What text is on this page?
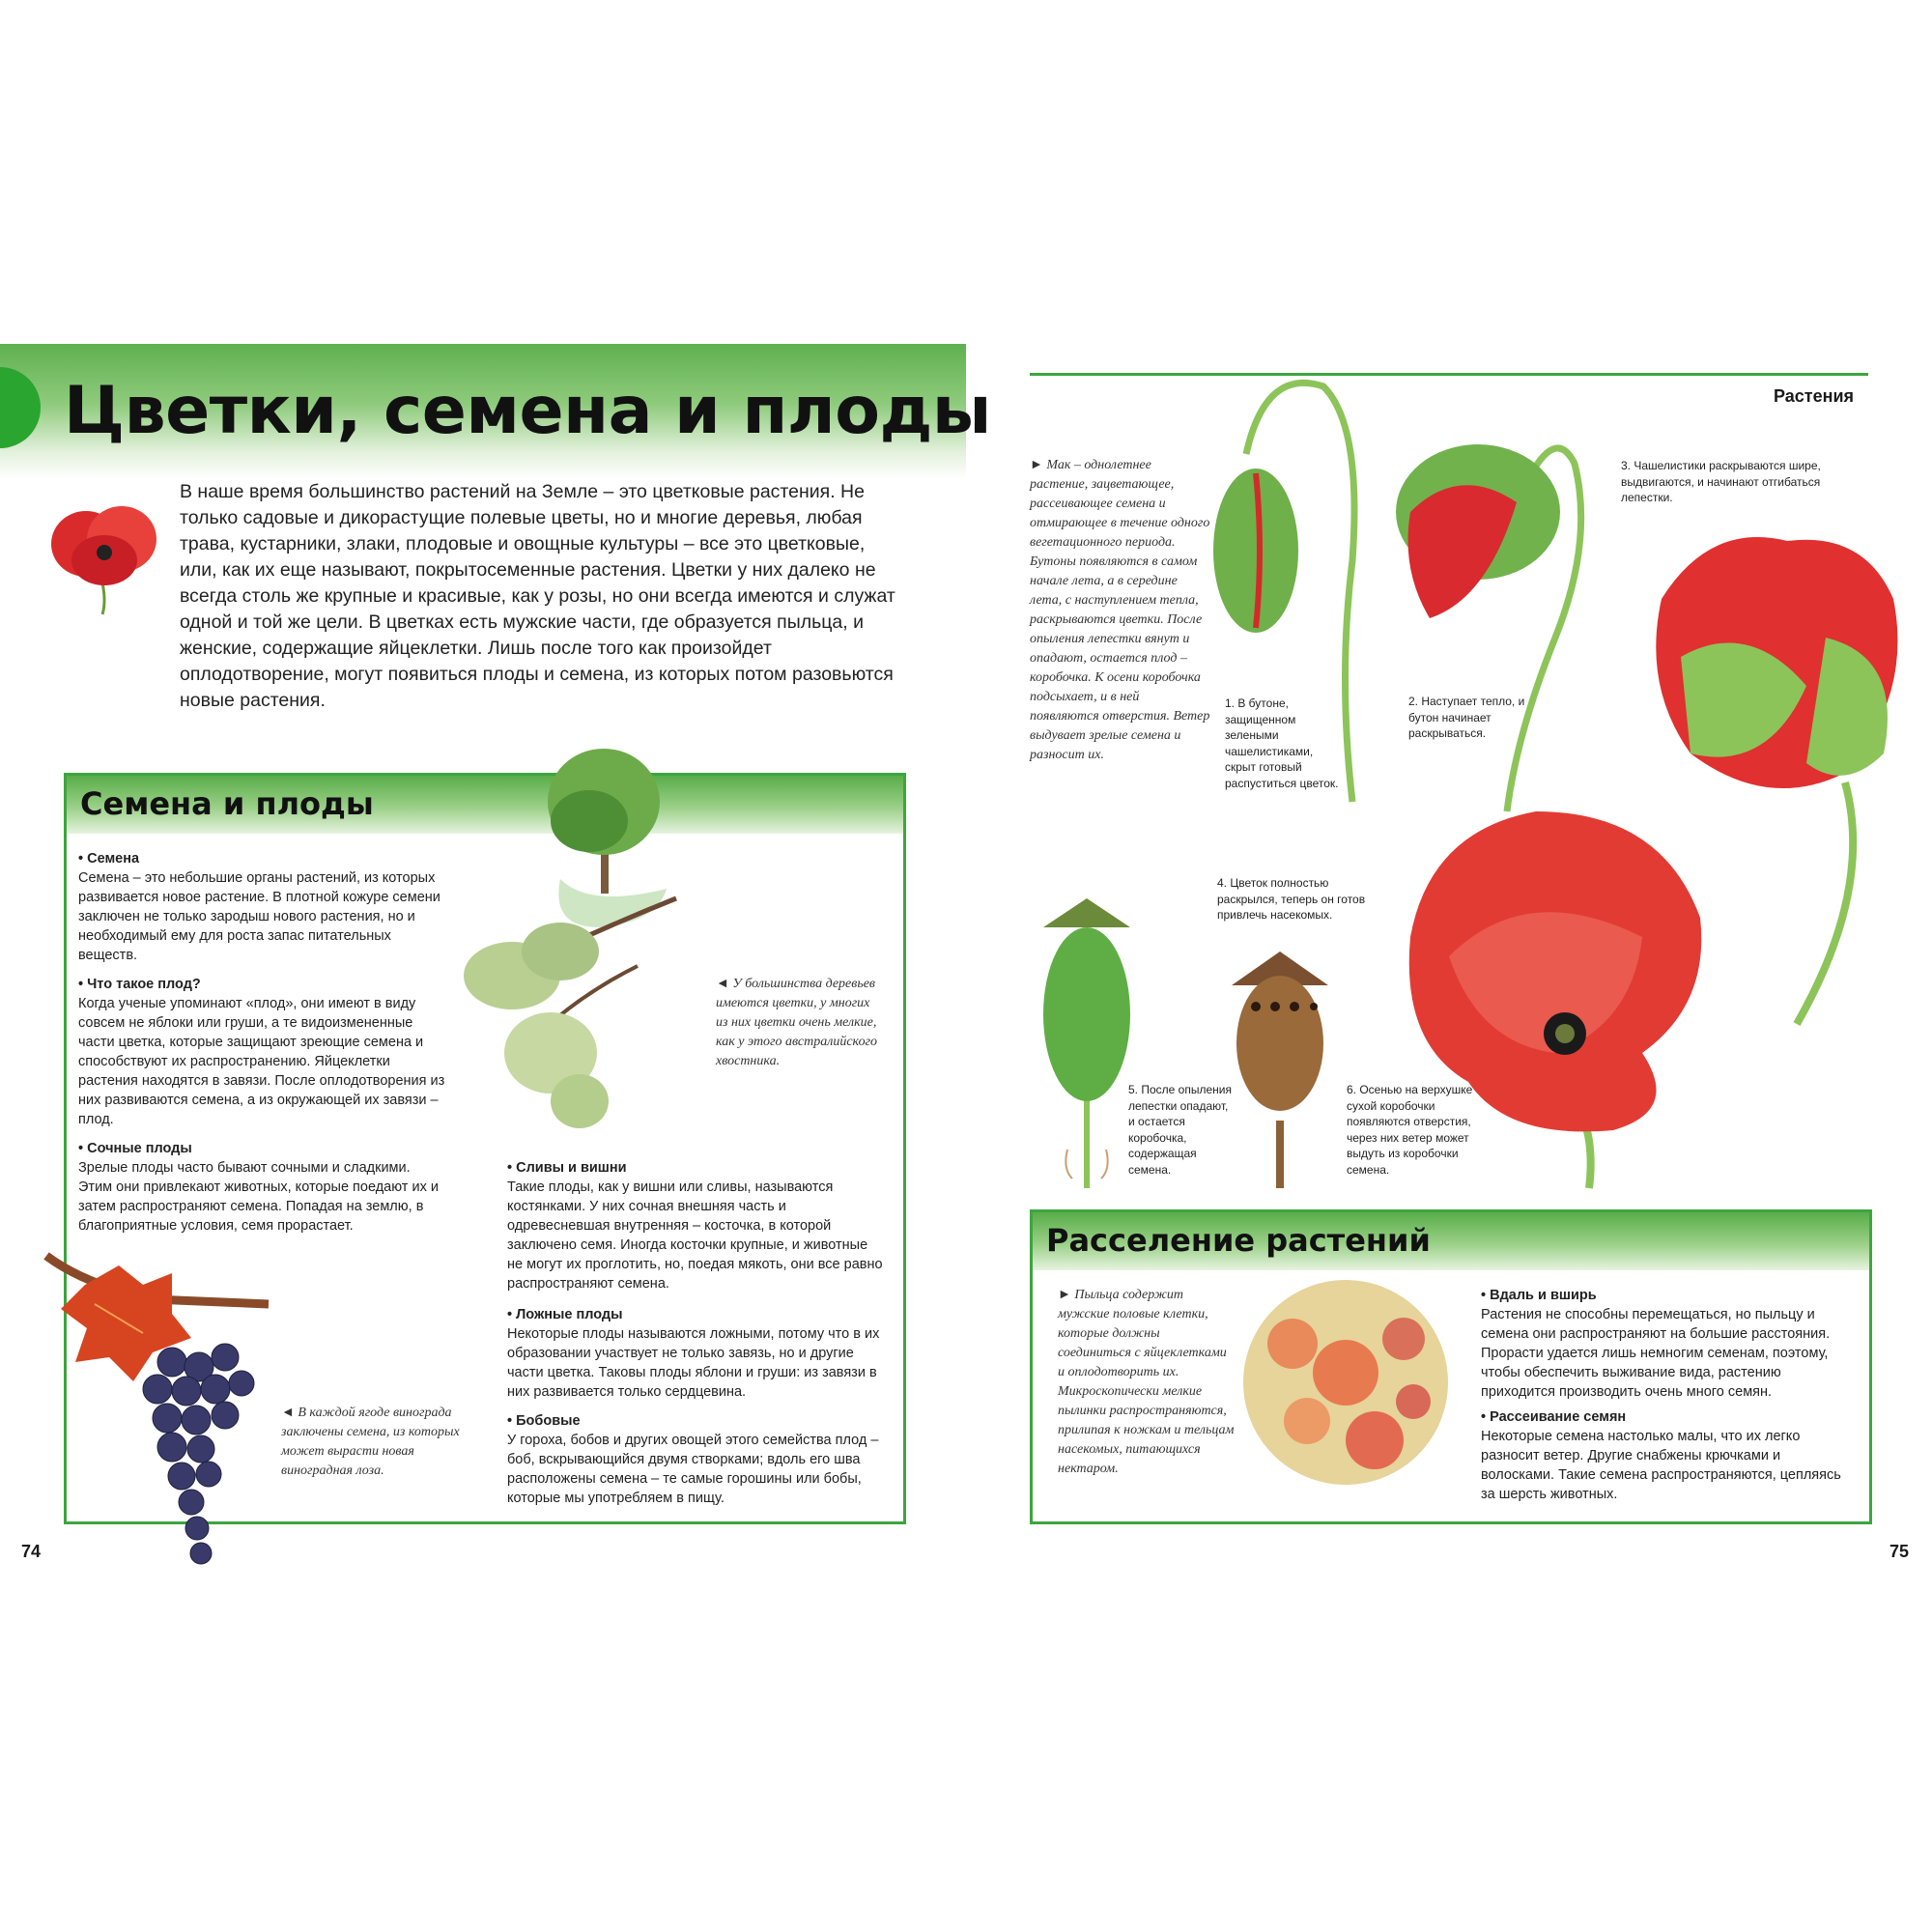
Цветки, семена и плоды
В наше время большинство растений на Земле – это цветковые растения. Не только садовые и дикорастущие полевые цветы, но и многие деревья, любая трава, кустарники, злаки, плодовые и овощные культуры – все это цветковые, или, как их еще называют, покрытосеменные растения. Цветки у них далеко не всегда столь же крупные и красивые, как у розы, но они всегда имеются и служат одной и той же цели. В цветках есть мужские части, где образуется пыльца, и женские, содержащие яйцеклетки. Лишь после того как произойдет оплодотворение, могут появиться плоды и семена, из которых потом разовьются новые растения.
Семена и плоды
• Семена
Семена – это небольшие органы растений, из которых развивается новое растение. В плотной кожуре семени заключен не только зародыш нового растения, но и необходимый ему для роста запас питательных веществ.
• Что такое плод?
Когда ученые упоминают «плод», они имеют в виду совсем не яблоки или груши, а те видоизмененные части цветка, которые защищают зреющие семена и способствуют их распространению. Яйцеклетки растения находятся в завязи. После оплодотворения из них развиваются семена, а из окружающей их завязи – плод.
• Сочные плоды
Зрелые плоды часто бывают сочными и сладкими. Этим они привлекают животных, которые поедают их и затем распространяют семена. Попадая на землю, в благоприятные условия, семя прорастает.
• Сливы и вишни
Такие плоды, как у вишни или сливы, называются костянками. У них сочная внешняя часть и одревесневшая внутренняя – косточка, в которой заключено семя. Иногда косточки крупные, и животные не могут их проглотить, но, поедая мякоть, они все равно распространяют семена.
• Ложные плоды
Некоторые плоды называются ложными, потому что в их образовании участвует не только завязь, но и другие части цветка. Таковы плоды яблони и груши: из завязи в них развивается только сердцевина.
• Бобовые
У гороха, бобов и других овощей этого семейства плод – боб, вскрывающийся двумя створками; вдоль его шва расположены семена – те самые горошины или бобы, которые мы употребляем в пищу.
◄ У большинства деревьев имеются цветки, у многих из них цветки очень мелкие, как у этого австралийского хвостника.
◄ В каждой ягоде винограда заключены семена, из которых может вырасти новая виноградная лоза.
74
Растения
► Мак – однолетнее растение, зацветающее, рассеивающее семена и отмирающее в течение одного вегетационного периода. Бутоны появляются в самом начале лета, а в середине лета, с наступлением тепла, раскрываются цветки. После опыления лепестки вянут и опадают, остается плод – коробочка. К осени коробочка подсыхает, и в ней появляются отверстия. Ветер выдувает зрелые семена и разносит их.
1. В бутоне, защищенном зелеными чашелистиками, скрыт готовый распуститься цветок.
2. Наступает тепло, и бутон начинает раскрываться.
3. Чашелистики раскрываются шире, выдвигаются, и начинают отгибаться лепестки.
4. Цветок полностью раскрылся, теперь он готов привлечь насекомых.
5. После опыления лепестки опадают, и остается коробочка, содержащая семена.
6. Осенью на верхушке сухой коробочки появляются отверстия, через них ветер может выдуть из коробочки семена.
Расселение растений
► Пыльца содержит мужские половые клетки, которые должны соединиться с яйцеклетками и оплодотворить их. Микроскопически мелкие пылинки распространяются, прилипая к ножкам и тельцам насекомых, питающихся нектаром.
• Вдаль и вширь
Растения не способны перемещаться, но пыльцу и семена они распространяют на большие расстояния. Прорасти удается лишь немногим семенам, поэтому, чтобы обеспечить выживание вида, растению приходится производить очень много семян.
• Рассеивание семян
Некоторые семена настолько малы, что их легко разносит ветер. Другие снабжены крючками и волосками. Такие семена распространяются, цепляясь за шерсть животных.
75
